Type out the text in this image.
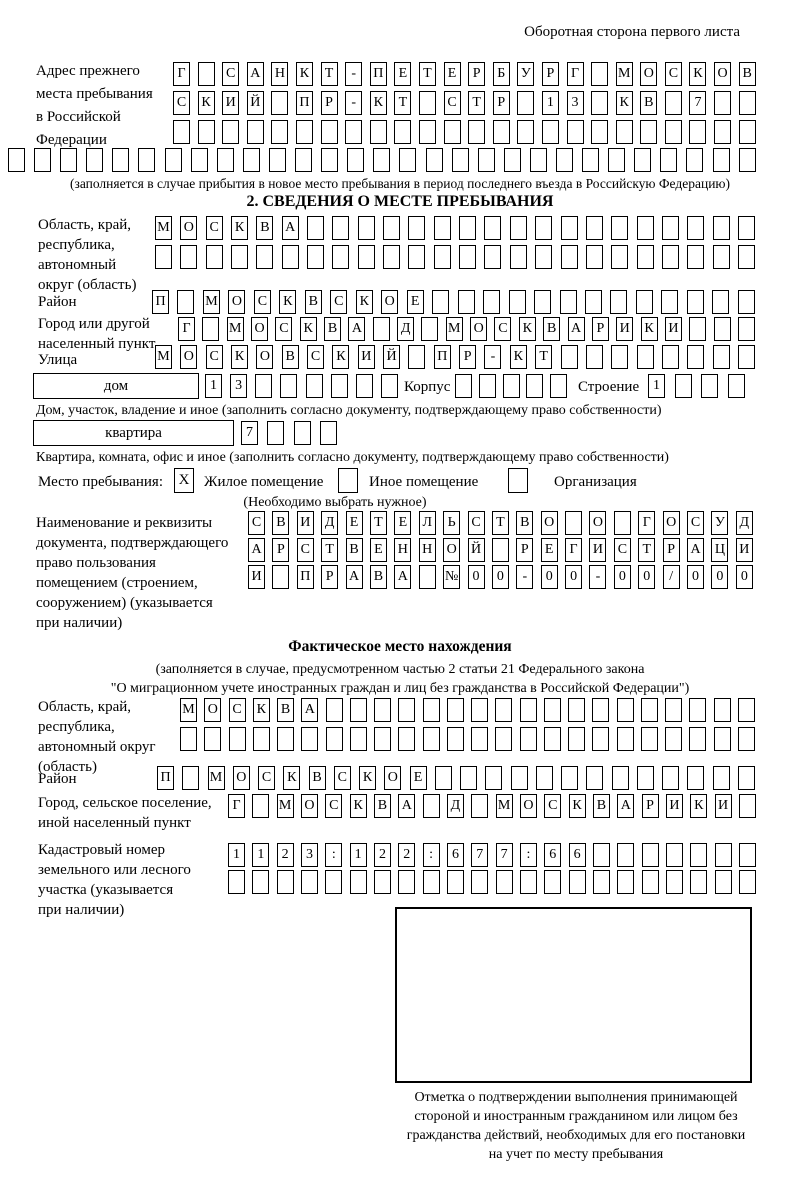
Оборотная сторона первого листа
Адрес прежнего
места пребывания
в Российской
Федерации
Г	С А Н К	Т	-	П	Е	Т	Е	Р	Б	У	Р	Г	М О С К О В
С К И Й	П	Р	-	К	Т	С	Т	Р	1	3	К В	7
(заполняется в случае прибытия в новое место пребывания в период последнего въезда в Российскую Федерацию)
2. СВЕДЕНИЯ О МЕСТЕ ПРЕБЫВАНИЯ
Область, край,
республика,
автономный
округ (область)
М О С К В А
Район	П	М О С К В С К О	Е
Город или другой
населенный пункт
Г	М О С К В А	Д	М О С К В А	Р	И К И
Улица	М О С К О В С К И Й	П	Р	-	К	Т
дом	1	3	Корпус	Строение 1
Дом, участок, владение и иное (заполнить согласно документу, подтверждающему право собственности)
квартира	7
Квартира, комната, офис и иное (заполнить согласно документу, подтверждающему право собственности)
Место пребывания:	X Жилое помещение	Иное помещение	Организация
(Необходимо выбрать нужное)
Наименование и реквизиты
документа, подтверждающего
право пользования
помещением (строением,
сооружением) (указывается
при наличии)
С В И Д	Е	Т	Е	Л	Ь	С	Т	В О	О	Г	О С У Д
А	Р	С	Т	В	Е	Н Н О Й	Р	Е	Г	И С	Т	Р	А Ц И
И	П	Р	А В А	№	0	0	-	0	0	-	0	0	/	0	0	0
Фактическое место нахождения
(заполняется в случае, предусмотренном частью 2 статьи 21 Федерального закона
"О миграционном учете иностранных граждан и лиц без гражданства в Российской Федерации")
Область, край,
республика,
автономный округ
(область)
М О С К В А
Район	П	М О С К В С К О	Е
Город, сельское поселение,
иной населенный пункт
Г	М О С К В А	Д	М О С К В А	Р	И К И
Кадастровый номер
земельного или лесного
участка (указывается
при наличии)
1	1	2	3	:	1	2	2	:	6	7	7	:	6	6
Отметка о подтверждении выполнения принимающей
стороной и иностранным гражданином или лицом без
гражданства действий, необходимых для его постановки
на учет по месту пребывания
